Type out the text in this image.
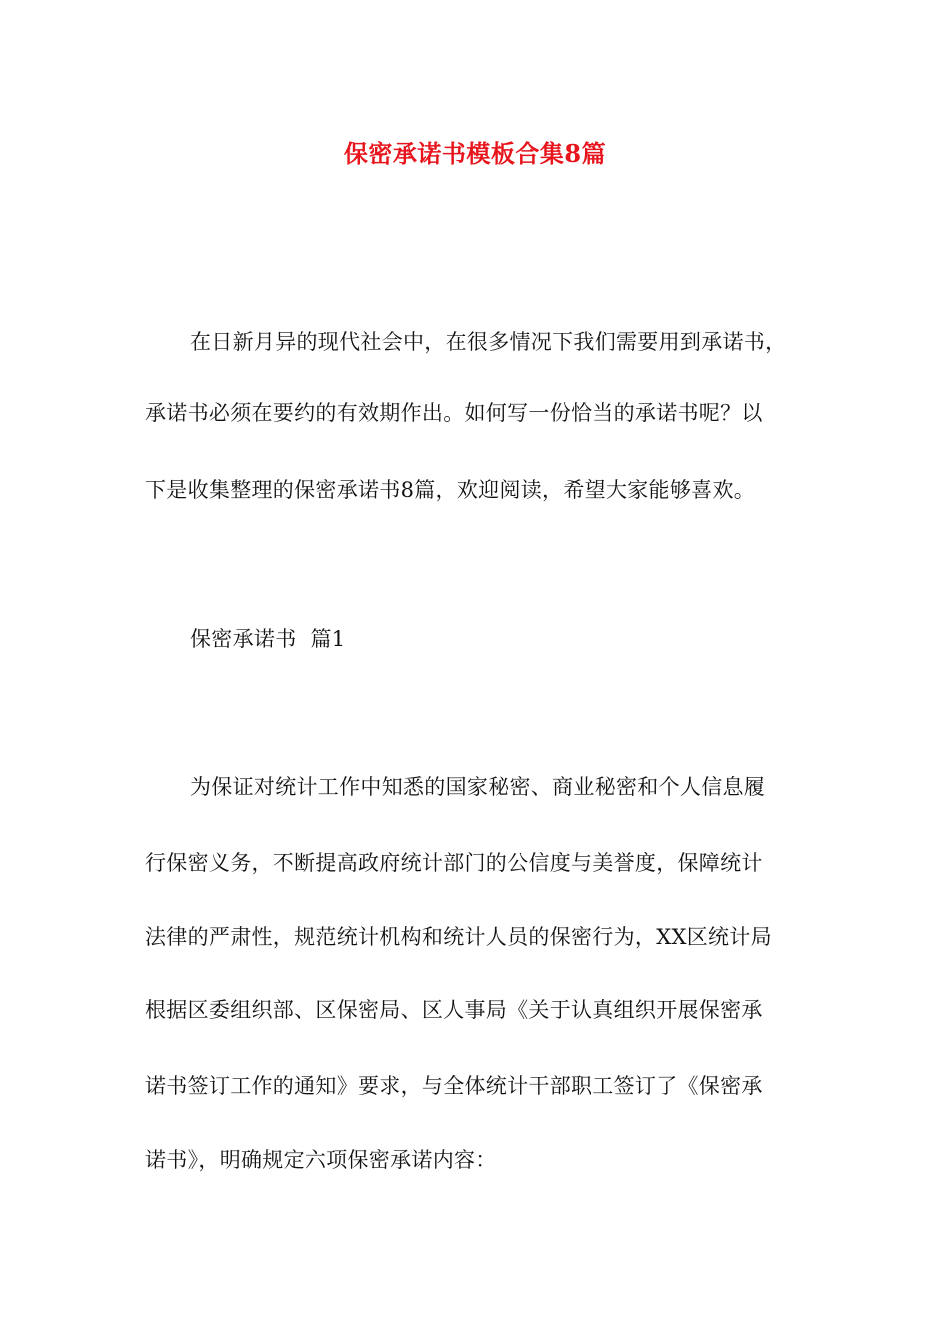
保密承诺书模板合集8篇
在日新月异的现代社会中，在很多情况下我们需要用到承诺书，
承诺书必须在要约的有效期作出。如何写一份恰当的承诺书呢？以
下是收集整理的保密承诺书8篇，欢迎阅读，希望大家能够喜欢。
保密承诺书  篇1
为保证对统计工作中知悉的国家秘密、商业秘密和个人信息履
行保密义务，不断提高政府统计部门的公信度与美誉度，保障统计
法律的严肃性，规范统计机构和统计人员的保密行为，XX区统计局
根据区委组织部、区保密局、区人事局《关于认真组织开展保密承
诺书签订工作的通知》要求，与全体统计干部职工签订了《保密承
诺书》，明确规定六项保密承诺内容：
